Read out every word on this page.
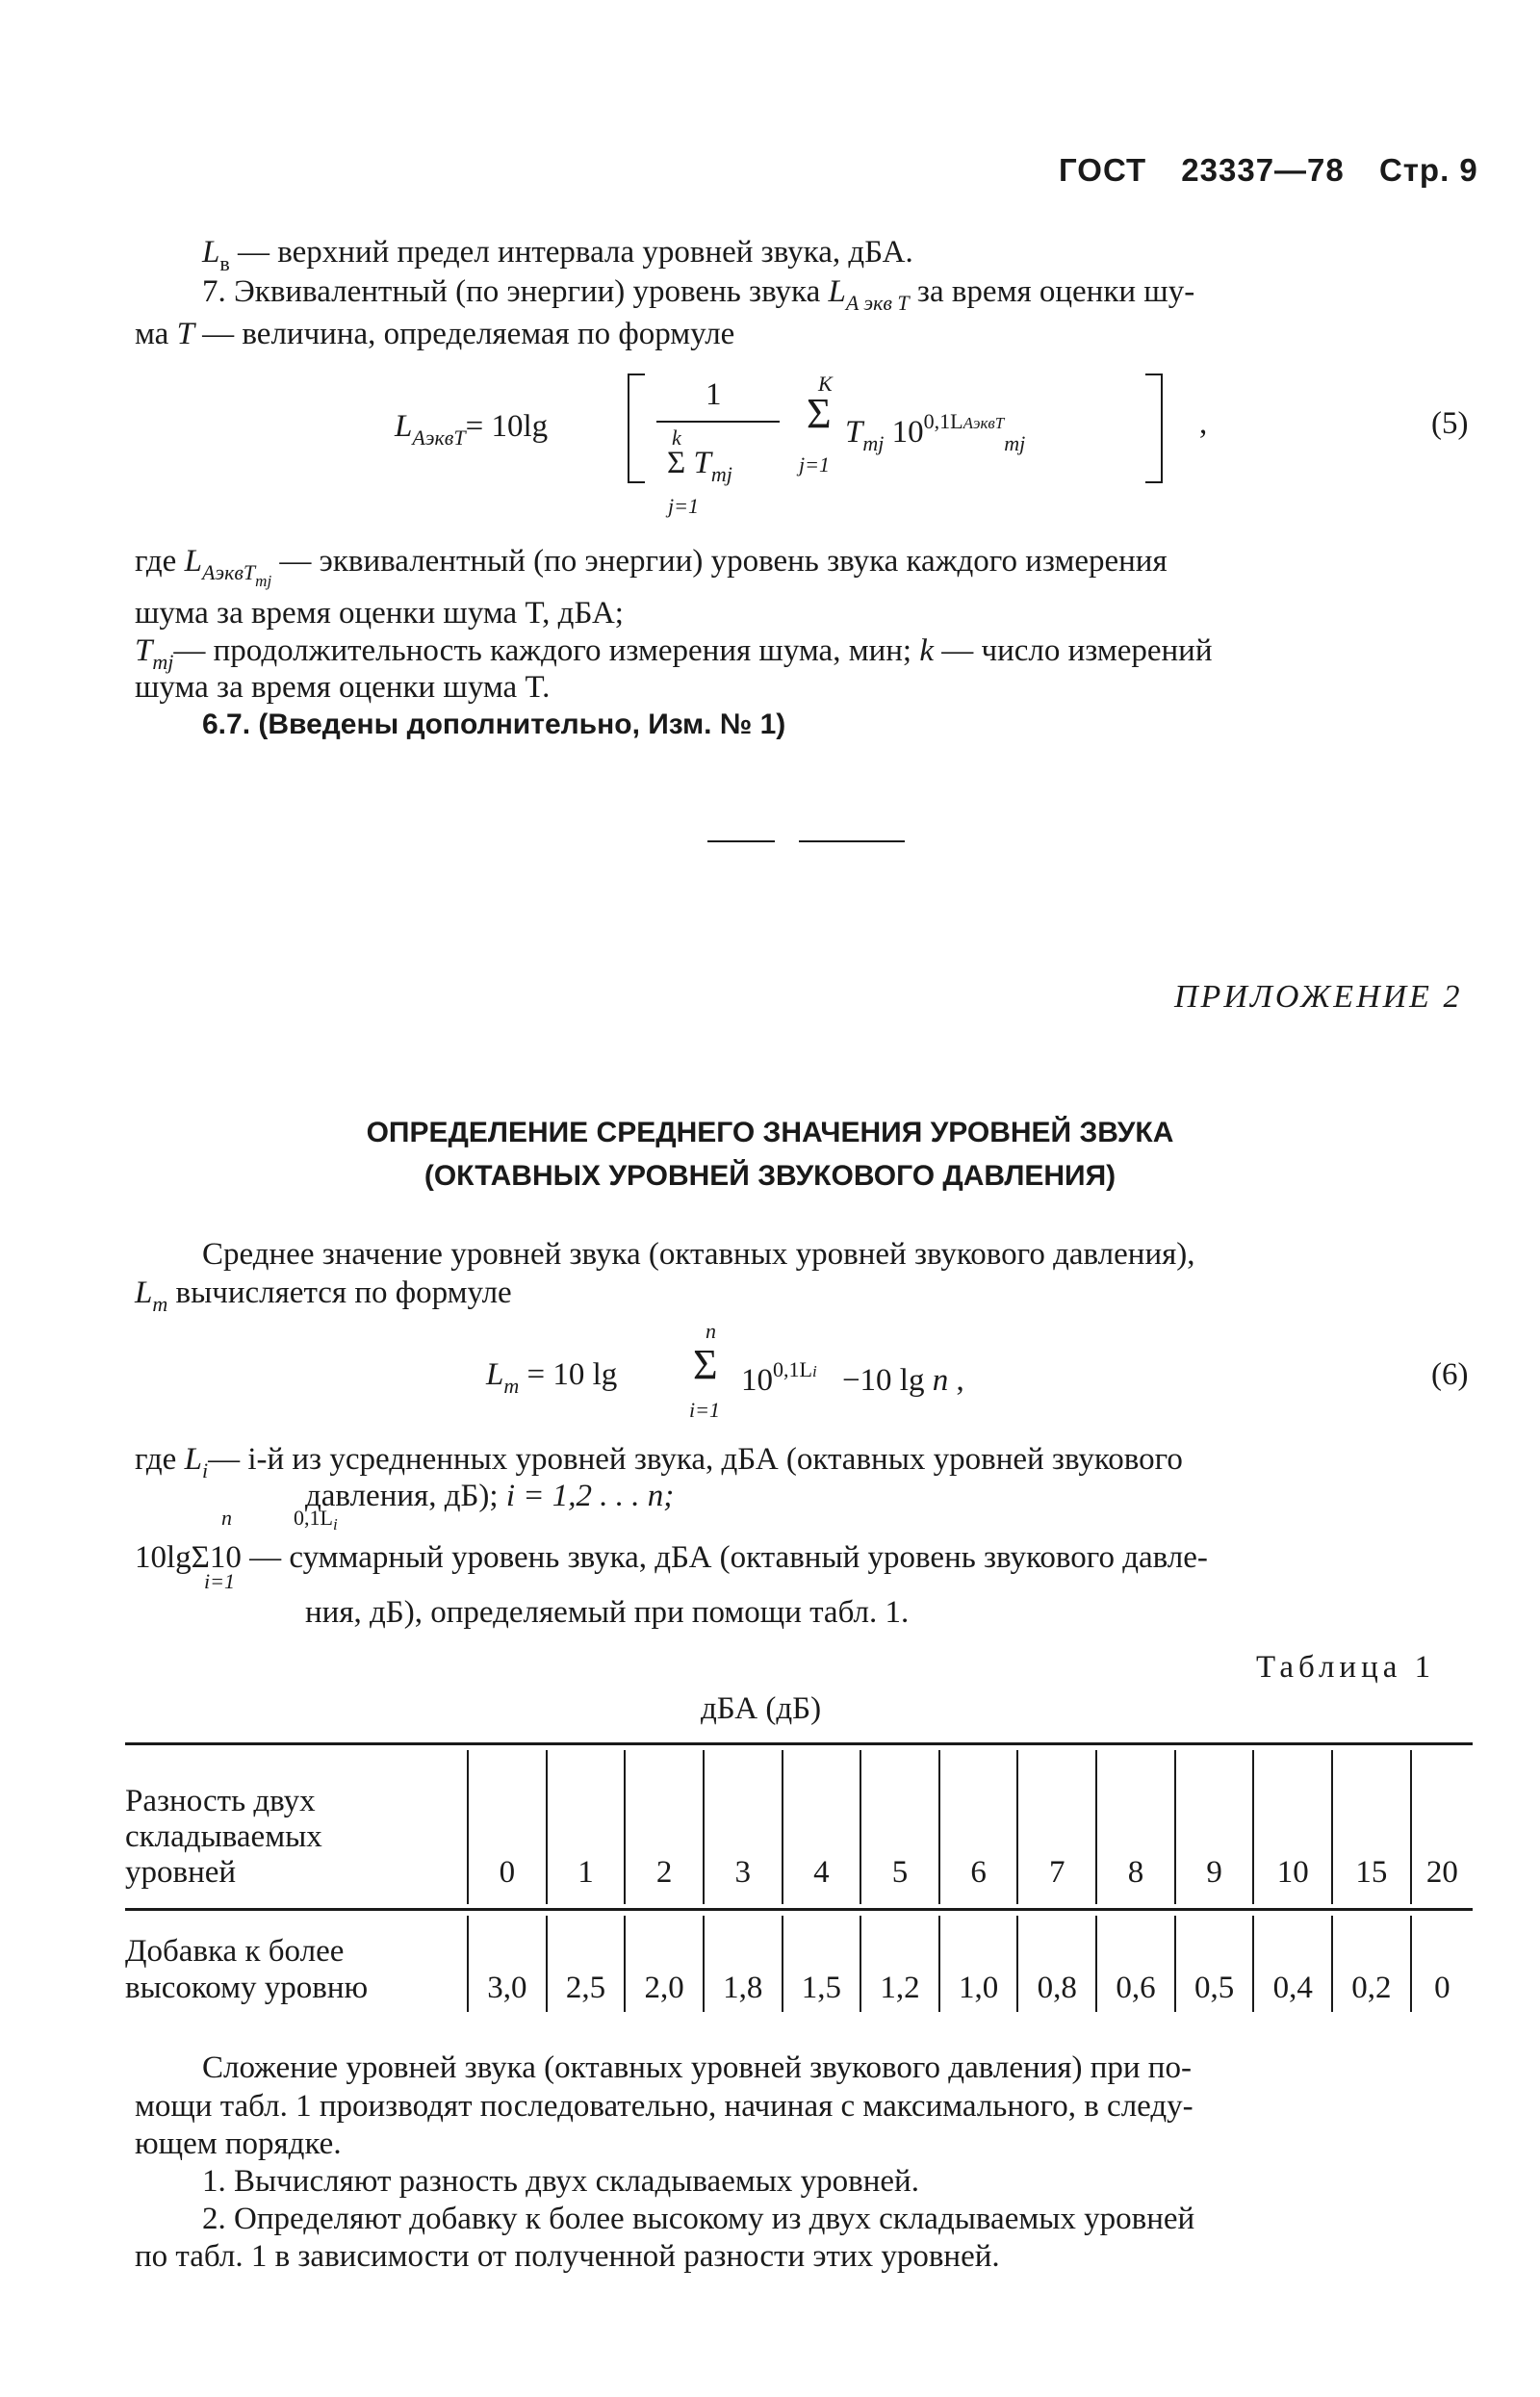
ГОСТ 23337—78 Стр. 9
$L_в$ — верхний предел интервала уровней звука, дБА.
7. Эквивалентный (по энергии) уровень звука $L_{A экв T}$ за время оценки шу-
ма T — величина, определяемая по формуле
$L_{AэквT}= 10\lg$
1
k
Σ $T_{mj}$
j=1
K
Σ
j=1
$T_{mj}$ $10^{0,1LAэквT}_{mj}$
,	(5)
где $L_{AэквTmj}$ — эквивалентный (по энергии) уровень звука каждого измерения
шума за время оценки шума T, дБА;
$T_{mj}—$ продолжительность каждого измерения шума, мин; k — число измерений
шума за время оценки шума T.
6.7. (Введены дополнительно, Изм. № 1)
ПРИЛОЖЕНИЕ 2
ОПРЕДЕЛЕНИЕ СРЕДНЕГО ЗНАЧЕНИЯ УРОВНЕЙ ЗВУКА
(ОКТАВНЫХ УРОВНЕЙ ЗВУКОВОГО ДАВЛЕНИЯ)
Среднее значение уровней звука (октавных уровней звукового давления),
$L_m$ вычисляется по формуле
$L_m = 10$ lg
n
Σ
i=1
$10^{0,1Li} -10$ lg n ,	(6)
где $L_i—$ i-й из усредненных уровней звука, дБА (октавных уровней звукового
давления, дБ); i = 1,2 . . . n;
n	$0,1L_i$
10lgΣ10 — суммарный уровень звука, дБА (октавный уровень звукового давле-
i=1
ния, дБ), определяемый при помощи табл. 1.
Таблица 1
дБА (дБ)
Разность двух
складываемых
уровней	0	1	2	3	4	5	6	7	8	9	10	15	20

Добавка к более
высокому уровню	3,0	2,5	2,0	1,8	1,5	1,2	1,0	0,8	0,6	0,5	0,4	0,2	0
Сложение уровней звука (октавных уровней звукового давления) при по-
мощи табл. 1 производят последовательно, начиная с максимального, в следу-
ющем порядке.
1. Вычисляют разность двух складываемых уровней.
2. Определяют добавку к более высокому из двух складываемых уровней
по табл. 1 в зависимости от полученной разности этих уровней.
